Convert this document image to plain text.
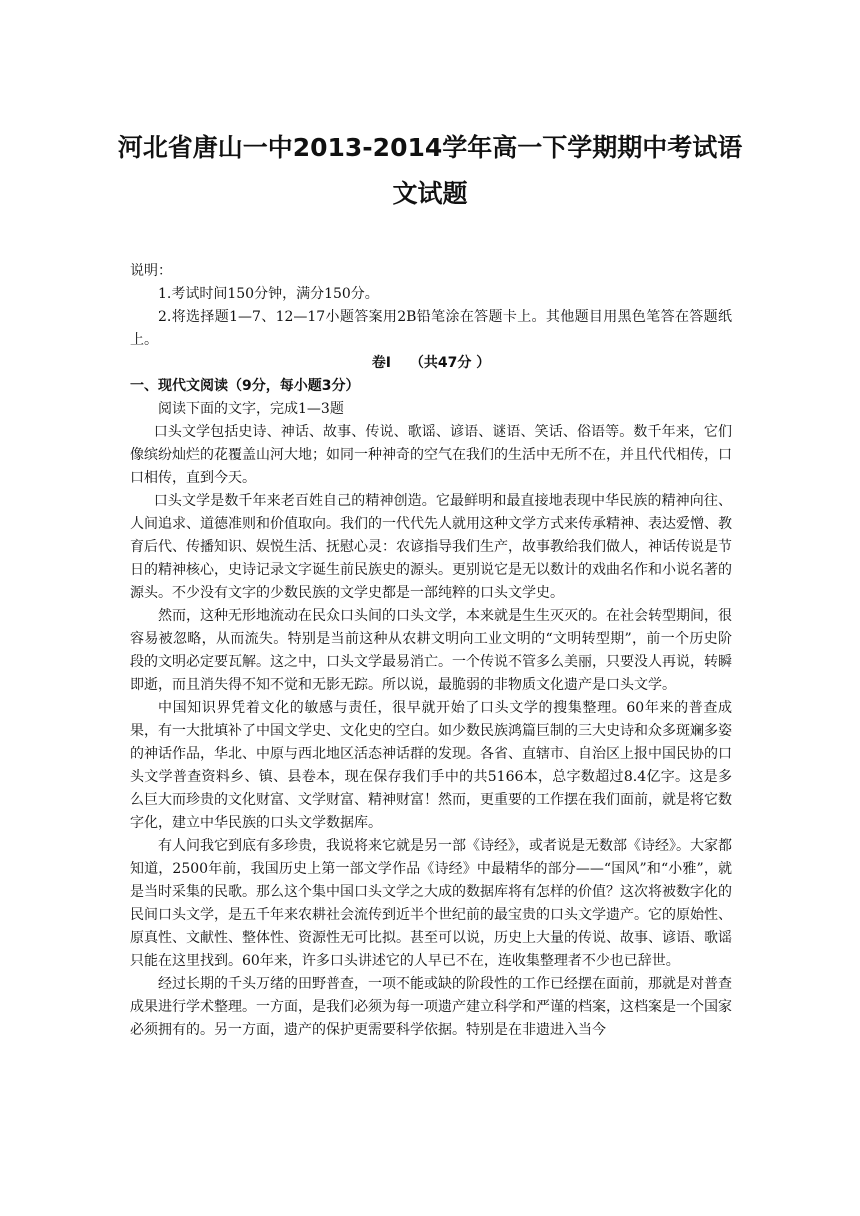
河北省唐山一中2013-2014学年高一下学期期中考试语文试题

说明：

1.考试时间150分钟，满分150分。

2.将选择题1—7、12—17小题答案用2B铅笔涂在答题卡上。其他题目用黑色笔答在答题纸上。

卷I　 （共47分 ）

一、现代文阅读（9分，每小题3分）

阅读下面的文字，完成1—3题

口头文学包括史诗、神话、故事、传说、歌谣、谚语、谜语、笑话、俗语等。数千年来，它们像缤纷灿烂的花覆盖山河大地；如同一种神奇的空气在我们的生活中无所不在，并且代代相传，口口相传，直到今天。

口头文学是数千年来老百姓自己的精神创造。它最鲜明和最直接地表现中华民族的精神向往、人间追求、道德准则和价值取向。我们的一代代先人就用这种文学方式来传承精神、表达爱憎、教育后代、传播知识、娱悦生活、抚慰心灵：农谚指导我们生产，故事教给我们做人，神话传说是节日的精神核心，史诗记录文字诞生前民族史的源头。更别说它是无以数计的戏曲名作和小说名著的源头。不少没有文字的少数民族的文学史都是一部纯粹的口头文学史。

然而，这种无形地流动在民众口头间的口头文学，本来就是生生灭灭的。在社会转型期间，很容易被忽略，从而流失。特别是当前这种从农耕文明向工业文明的“文明转型期”，前一个历史阶段的文明必定要瓦解。这之中，口头文学最易消亡。一个传说不管多么美丽，只要没人再说，转瞬即逝，而且消失得不知不觉和无影无踪。所以说，最脆弱的非物质文化遗产是口头文学。

中国知识界凭着文化的敏感与责任，很早就开始了口头文学的搜集整理。60年来的普查成果，有一大批填补了中国文学史、文化史的空白。如少数民族鸿篇巨制的三大史诗和众多斑斓多姿的神话作品，华北、中原与西北地区活态神话群的发现。各省、直辖市、自治区上报中国民协的口头文学普查资料乡、镇、县卷本，现在保存我们手中的共5166本，总字数超过8.4亿字。这是多么巨大而珍贵的文化财富、文学财富、精神财富！然而，更重要的工作摆在我们面前，就是将它数字化，建立中华民族的口头文学数据库。

有人问我它到底有多珍贵，我说将来它就是另一部《诗经》，或者说是无数部《诗经》。大家都知道，2500年前，我国历史上第一部文学作品《诗经》中最精华的部分——“国风”和“小雅”，就是当时采集的民歌。那么这个集中国口头文学之大成的数据库将有怎样的价值？这次将被数字化的民间口头文学，是五千年来农耕社会流传到近半个世纪前的最宝贵的口头文学遗产。它的原始性、原真性、文献性、整体性、资源性无可比拟。甚至可以说，历史上大量的传说、故事、谚语、歌谣只能在这里找到。60年来，许多口头讲述它的人早已不在，连收集整理者不少也已辞世。

经过长期的千头万绪的田野普查，一项不能或缺的阶段性的工作已经摆在面前，那就是对普查成果进行学术整理。一方面，是我们必须为每一项遗产建立科学和严谨的档案，这档案是一个国家必须拥有的。另一方面，遗产的保护更需要科学依据。特别是在非遗进入当今
